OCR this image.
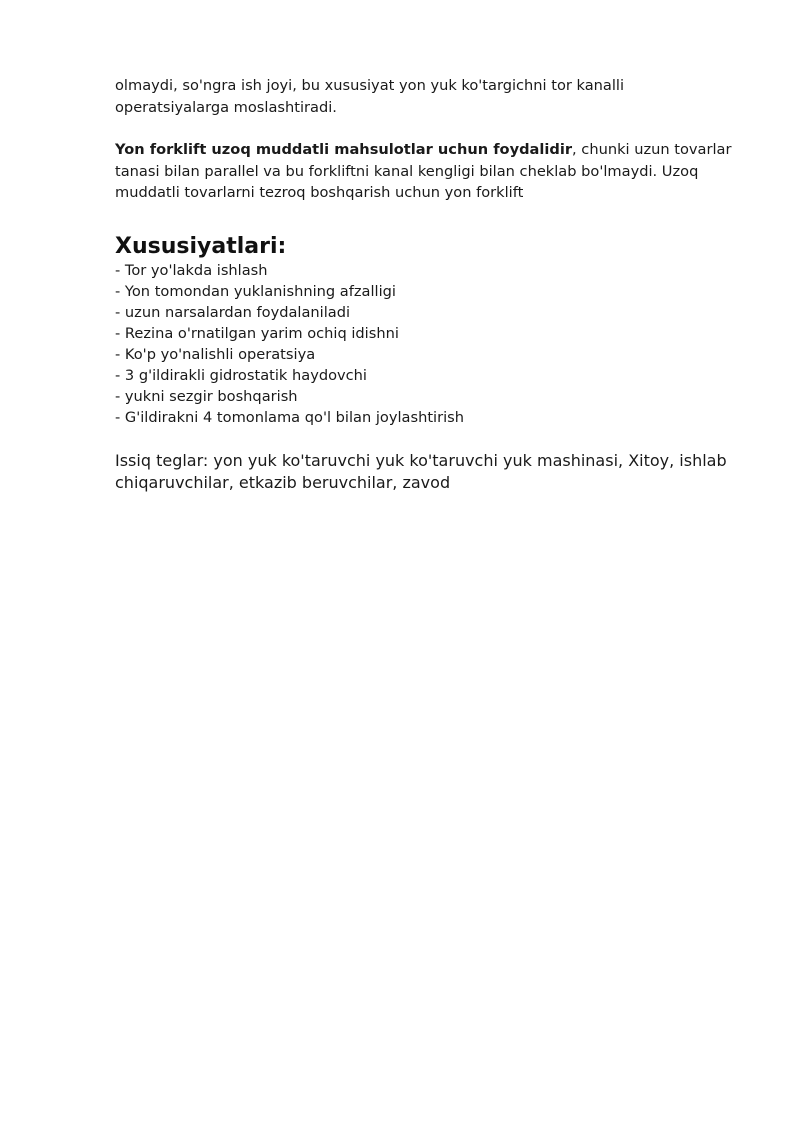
olmaydi, so'ngra ish joyi, bu xususiyat yon yuk ko'targichni tor kanalli operatsiyalarga moslashtiradi.

Yon forklift uzoq muddatli mahsulotlar uchun foydalidir, chunki uzun tovarlar tanasi bilan parallel va bu forkliftni kanal kengligi bilan cheklab bo'lmaydi. Uzoq muddatli tovarlarni tezroq boshqarish uchun yon forklift

Xususiyatlari:
- Tor yo'lakda ishlash
- Yon tomondan yuklanishning afzalligi
- uzun narsalardan foydalaniladi
- Rezina o'rnatilgan yarim ochiq idishni
- Ko'p yo'nalishli operatsiya
- 3 g'ildirakli gidrostatik haydovchi
- yukni sezgir boshqarish
- G'ildirakni 4 tomonlama qo'l bilan joylashtirish

Issiq teglar: yon yuk ko'taruvchi yuk ko'taruvchi yuk mashinasi, Xitoy, ishlab chiqaruvchilar, etkazib beruvchilar, zavod
